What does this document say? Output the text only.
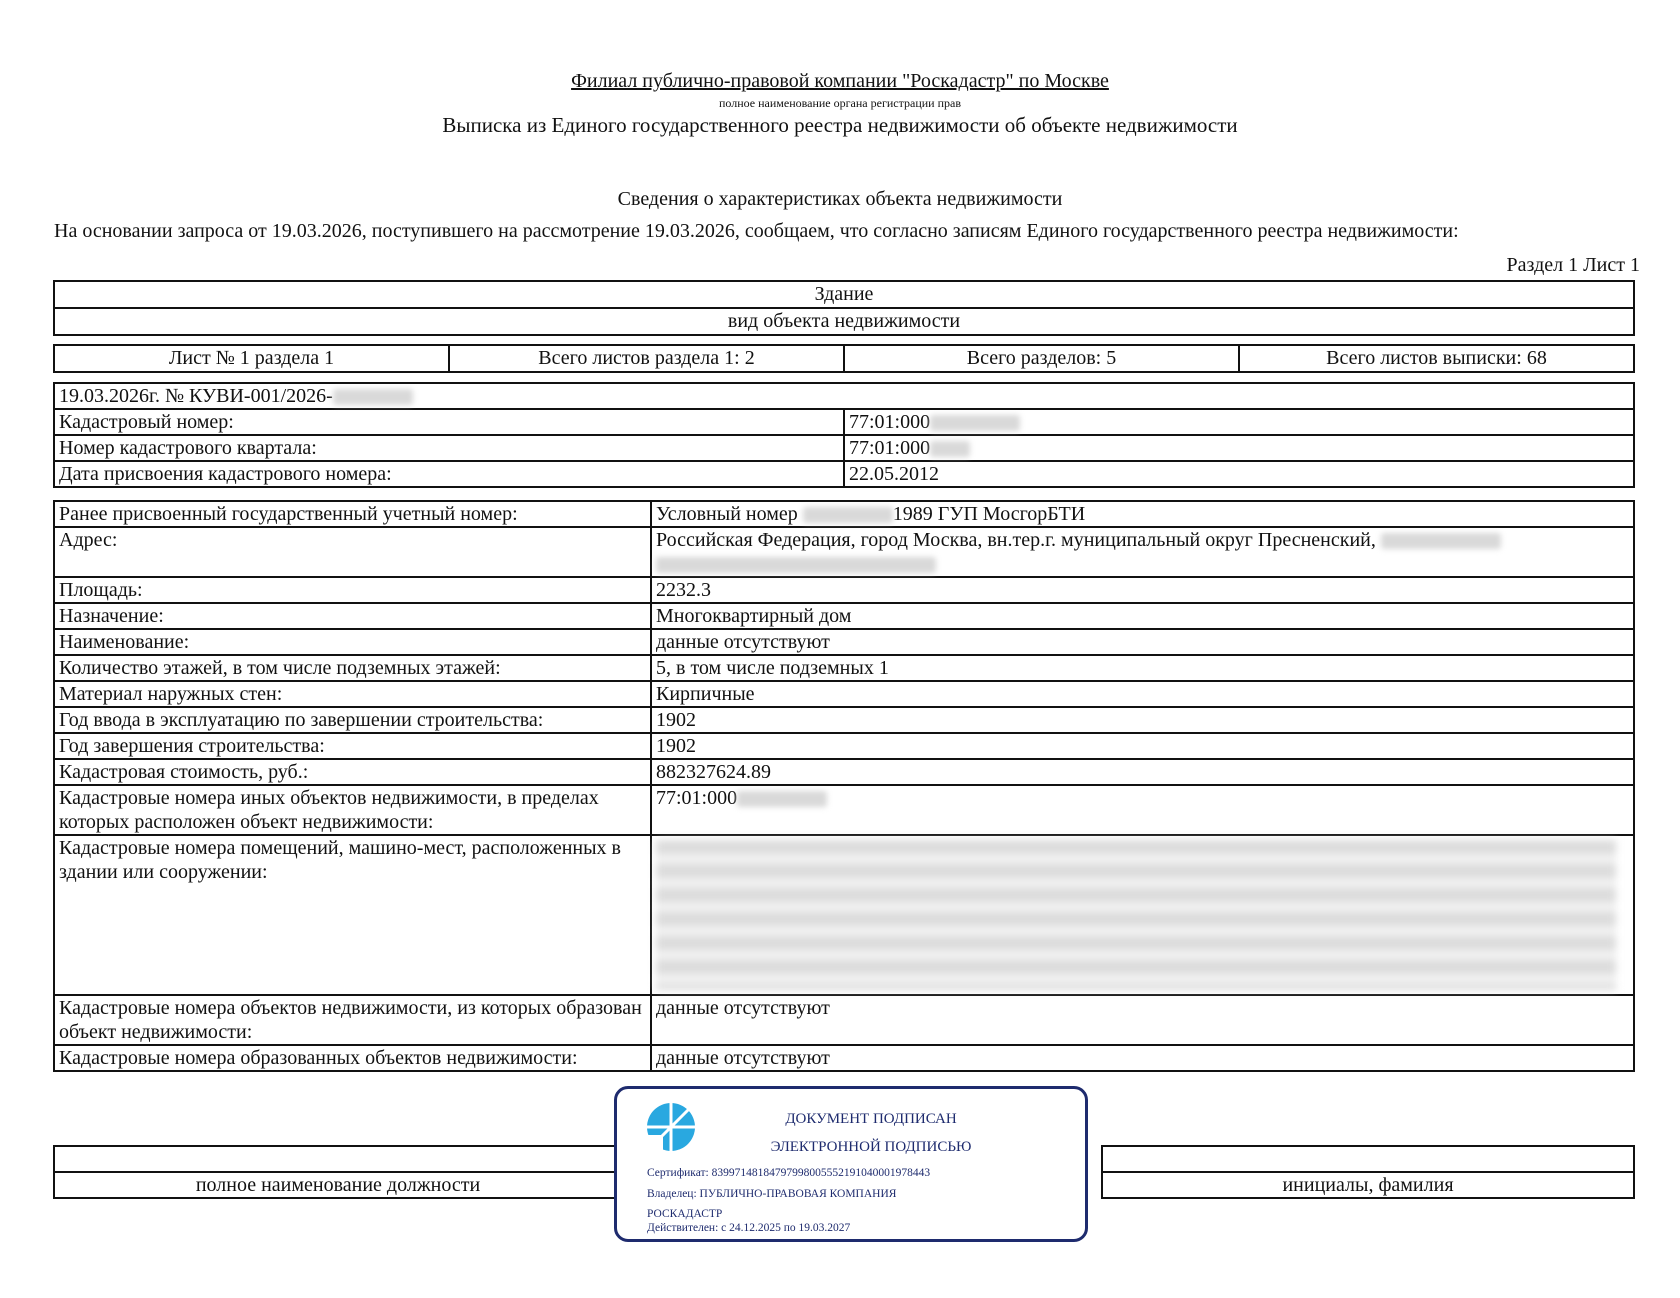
Филиал публично-правовой компании "Роскадастр" по Москве
полное наименование органа регистрации прав
Выписка из Единого государственного реестра недвижимости об объекте недвижимости
Сведения о характеристиках объекта недвижимости
На основании запроса от 19.03.2026, поступившего на рассмотрение 19.03.2026, сообщаем, что согласно записям Единого государственного реестра недвижимости:
Раздел 1 Лист 1
Здание
вид объекта недвижимости
Лист № 1 раздела 1	Всего листов раздела 1: 2	Всего разделов: 5	Всего листов выписки: 68
19.03.2026г. № КУВИ-001/2026-	
Кадастровый номер:	77:01:000
Номер кадастрового квартала:	77:01:000
Дата присвоения кадастрового номера:	22.05.2012
Ранее присвоенный государственный учетный номер:	Условный номер 1989 ГУП МосгорБТИ
Адрес:	Российская Федерация, город Москва, вн.тер.г. муниципальный округ Пресненский,

Площадь:	2232.3
Назначение:	Многоквартирный дом
Наименование:	данные отсутствуют
Количество этажей, в том числе подземных этажей:	5, в том числе подземных 1
Материал наружных стен:	Кирпичные
Год ввода в эксплуатацию по завершении строительства:	1902
Год завершения строительства:	1902
Кадастровая стоимость, руб.:	882327624.89
Кадастровые номера иных объектов недвижимости, в пределах которых расположен объект недвижимости:	77:01:000
Кадастровые номера помещений, машино-мест, расположенных в здании или сооружении:	

Кадастровые номера объектов недвижимости, из которых образован объект недвижимости:	данные отсутствуют
Кадастровые номера образованных объектов недвижимости:	данные отсутствуют

полное наименование должности		инициалы, фамилия
ДОКУМЕНТ ПОДПИСАН
ЭЛЕКТРОННОЙ ПОДПИСЬЮ
Сертификат: 83997148184797998005552191040001978443
Владелец: ПУБЛИЧНО-ПРАВОВАЯ КОМПАНИЯ
РОСКАДАСТР
Действителен: с 24.12.2025 по 19.03.2027
